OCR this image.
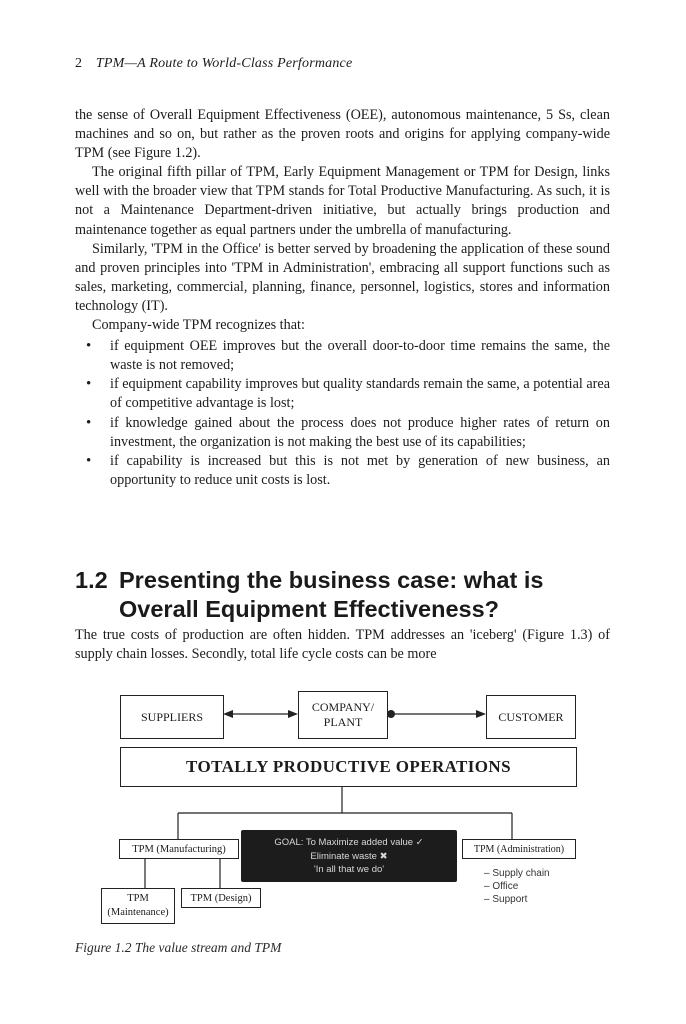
2 TPM—A Route to World-Class Performance

the sense of Overall Equipment Effectiveness (OEE), autonomous maintenance, 5 Ss, clean machines and so on, but rather as the proven roots and origins for applying company-wide TPM (see Figure 1.2).

The original fifth pillar of TPM, Early Equipment Management or TPM for Design, links well with the broader view that TPM stands for Total Productive Manufacturing. As such, it is not a Maintenance Department-driven initiative, but actually brings production and maintenance together as equal partners under the umbrella of manufacturing.

Similarly, 'TPM in the Office' is better served by broadening the application of these sound and proven principles into 'TPM in Administration', embracing all support functions such as sales, marketing, commercial, planning, finance, personnel, logistics, stores and information technology (IT).

Company-wide TPM recognizes that:

• if equipment OEE improves but the overall door-to-door time remains the same, the waste is not removed;
• if equipment capability improves but quality standards remain the same, a potential area of competitive advantage is lost;
• if knowledge gained about the process does not produce higher rates of return on investment, the organization is not making the best use of its capabilities;
• if capability is increased but this is not met by generation of new business, an opportunity to reduce unit costs is lost.
1.2 Presenting the business case: what is
Overall Equipment Effectiveness?

The true costs of production are often hidden. TPM addresses an 'iceberg' (Figure 1.3) of supply chain losses. Secondly, total life cycle costs can be more

SUPPLIERS
COMPANY/
PLANT	CUSTOMER
TOTALLY PRODUCTIVE OPERATIONS
TPM (Manufacturing)	TPM (Administration)
TPM
(Maintenance)
TPM (Design)
GOAL: To Maximize added value ✓
Eliminate waste ✖
'In all that we do'	– Supply chain
– Office
– Support
Figure 1.2 The value stream and TPM
